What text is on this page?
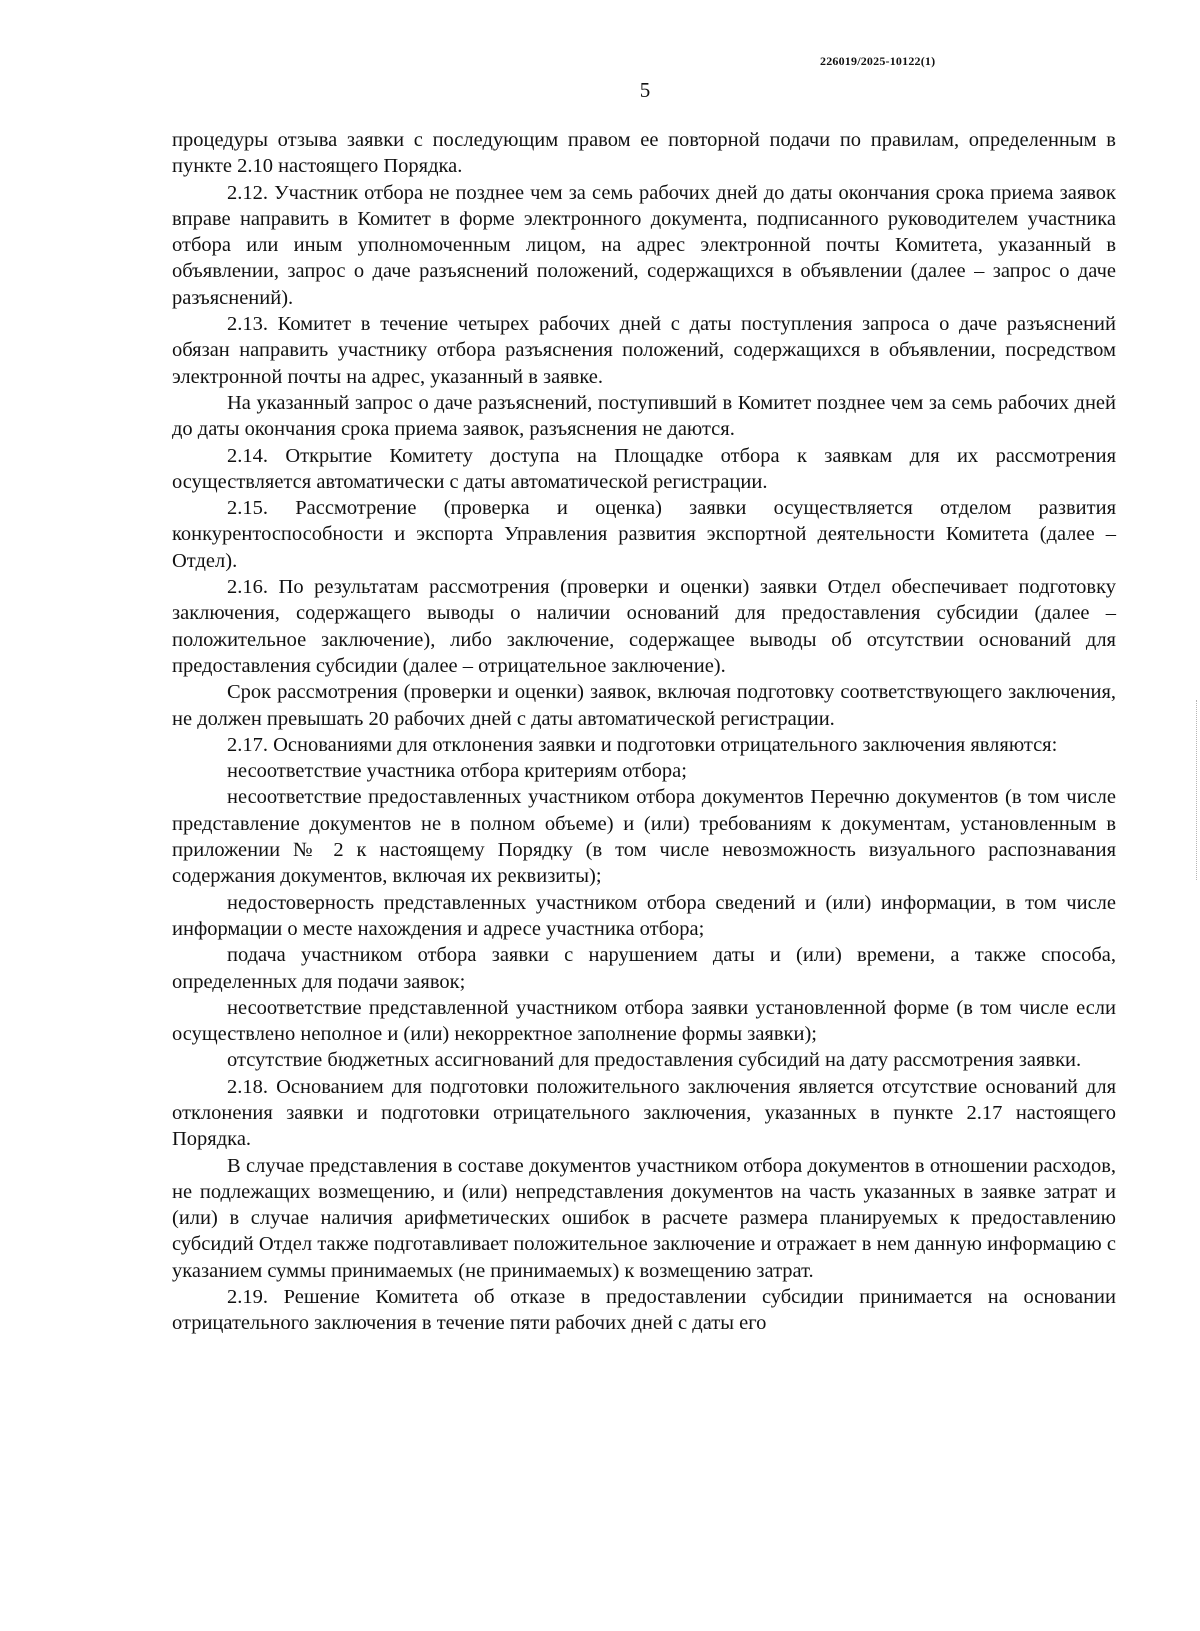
226019/2025-10122(1)
5

процедуры отзыва заявки с последующим правом ее повторной подачи по правилам, определенным в пункте 2.10 настоящего Порядка.

2.12. Участник отбора не позднее чем за семь рабочих дней до даты окончания срока приема заявок вправе направить в Комитет в форме электронного документа, подписанного руководителем участника отбора или иным уполномоченным лицом, на адрес электронной почты Комитета, указанный в объявлении, запрос о даче разъяснений положений, содержащихся в объявлении (далее – запрос о даче разъяснений).

2.13. Комитет в течение четырех рабочих дней с даты поступления запроса о даче разъяснений обязан направить участнику отбора разъяснения положений, содержащихся в объявлении, посредством электронной почты на адрес, указанный в заявке.

На указанный запрос о даче разъяснений, поступивший в Комитет позднее чем за семь рабочих дней до даты окончания срока приема заявок, разъяснения не даются.

2.14. Открытие Комитету доступа на Площадке отбора к заявкам для их рассмотрения осуществляется автоматически с даты автоматической регистрации.

2.15. Рассмотрение (проверка и оценка) заявки осуществляется отделом развития конкурентоспособности и экспорта Управления развития экспортной деятельности Комитета (далее – Отдел).

2.16. По результатам рассмотрения (проверки и оценки) заявки Отдел обеспечивает подготовку заключения, содержащего выводы о наличии оснований для предоставления субсидии (далее – положительное заключение), либо заключение, содержащее выводы об отсутствии оснований для предоставления субсидии (далее – отрицательное заключение).

Срок рассмотрения (проверки и оценки) заявок, включая подготовку соответствующего заключения, не должен превышать 20 рабочих дней с даты автоматической регистрации.

2.17. Основаниями для отклонения заявки и подготовки отрицательного заключения являются:

несоответствие участника отбора критериям отбора;

несоответствие предоставленных участником отбора документов Перечню документов (в том числе представление документов не в полном объеме) и (или) требованиям к документам, установленным в приложении № 2 к настоящему Порядку (в том числе невозможность визуального распознавания содержания документов, включая их реквизиты);

недостоверность представленных участником отбора сведений и (или) информации, в том числе информации о месте нахождения и адресе участника отбора;

подача участником отбора заявки с нарушением даты и (или) времени, а также способа, определенных для подачи заявок;

несоответствие представленной участником отбора заявки установленной форме (в том числе если осуществлено неполное и (или) некорректное заполнение формы заявки);

отсутствие бюджетных ассигнований для предоставления субсидий на дату рассмотрения заявки.

2.18. Основанием для подготовки положительного заключения является отсутствие оснований для отклонения заявки и подготовки отрицательного заключения, указанных в пункте 2.17 настоящего Порядка.

В случае представления в составе документов участником отбора документов в отношении расходов, не подлежащих возмещению, и (или) непредставления документов на часть указанных в заявке затрат и (или) в случае наличия арифметических ошибок в расчете размера планируемых к предоставлению субсидий Отдел также подготавливает положительное заключение и отражает в нем данную информацию с указанием суммы принимаемых (не принимаемых) к возмещению затрат.

2.19. Решение Комитета об отказе в предоставлении субсидии принимается на основании отрицательного заключения в течение пяти рабочих дней с даты его
